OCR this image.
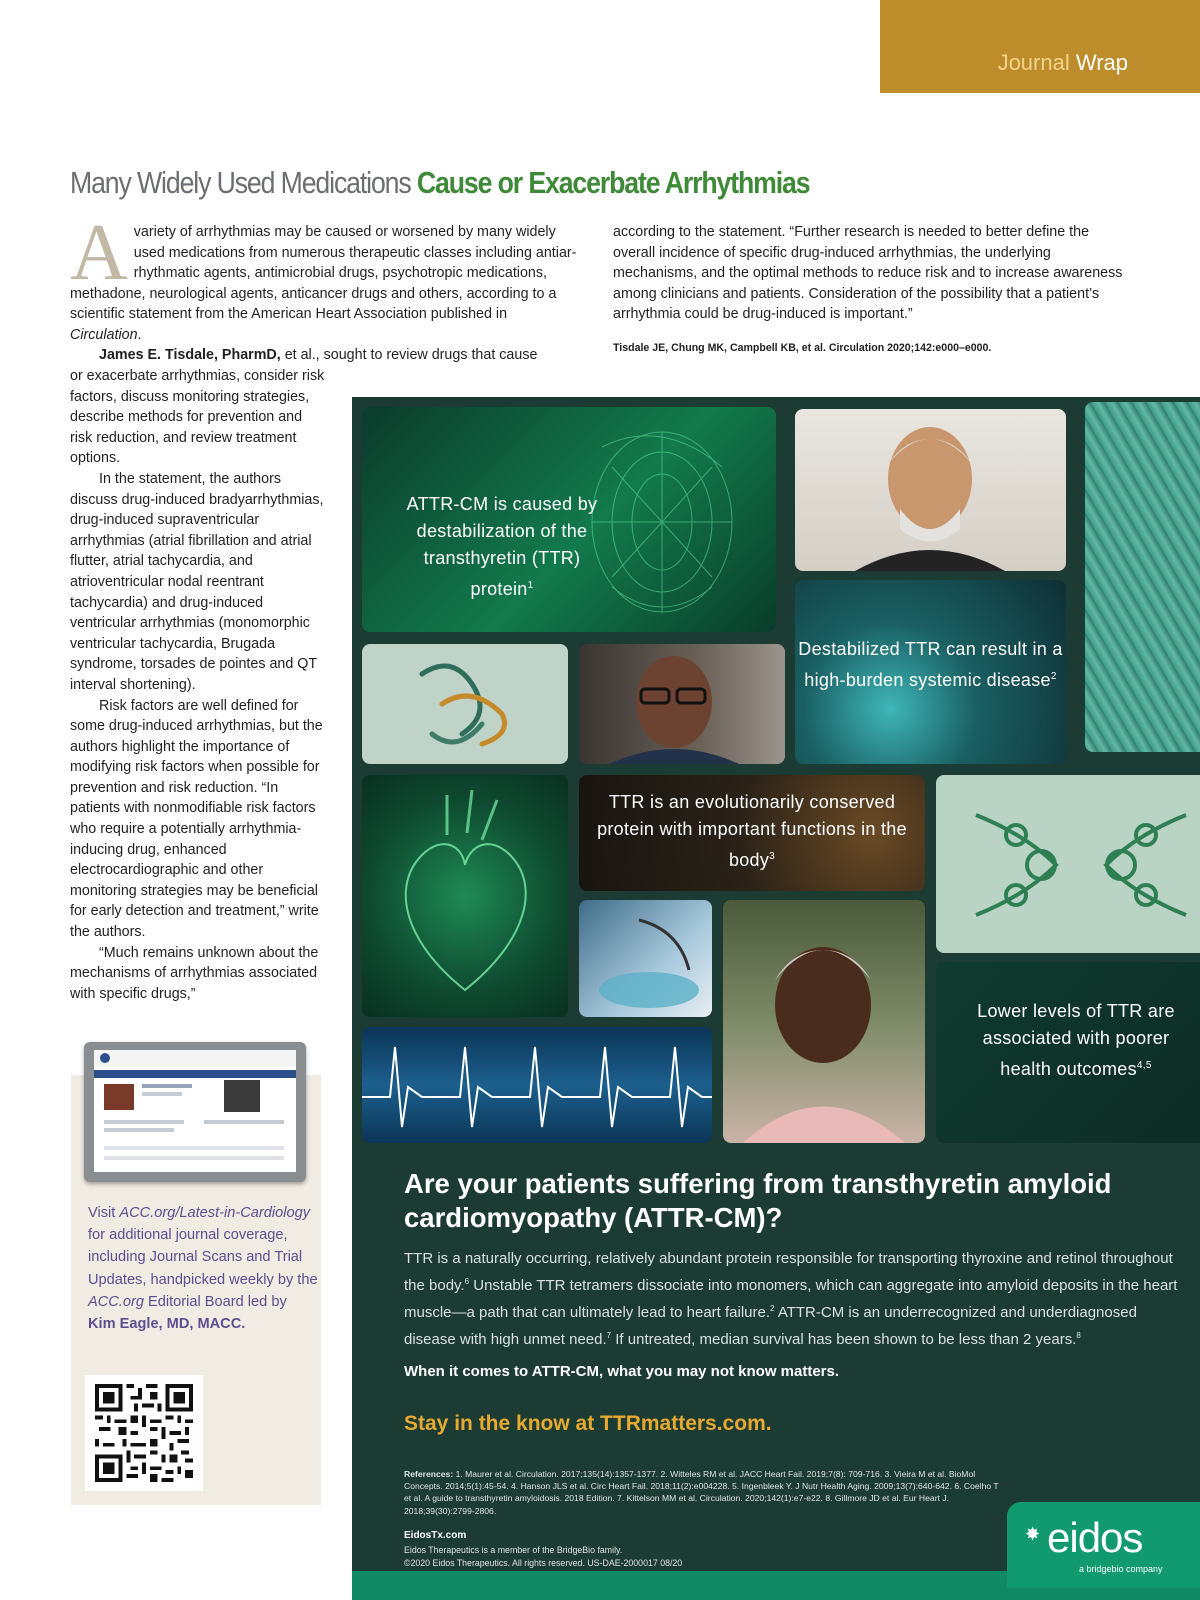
Journal Wrap
Many Widely Used Medications Cause or Exacerbate Arrhythmias
Avariety of arrhythmias may be caused or worsened by many widely used medications from numerous therapeutic classes including antiarrhythmatic agents, antimicrobial drugs, psychotropic medications, methadone, neurological agents, anticancer drugs and others, according to a scientific statement from the American Heart Association published in Circulation.
James E. Tisdale, PharmD, et al., sought to review drugs that cause

or exacerbate arrhythmias, consider risk factors, discuss monitoring strategies, describe methods for prevention and risk reduction, and review treatment options.

In the statement, the authors discuss drug-induced bradyarrhythmias, drug-induced supraventricular arrhythmias (atrial fibrillation and atrial flutter, atrial tachycardia, and atrioventricular nodal reentrant tachycardia) and drug-induced ventricular arrhythmias (monomorphic ventricular tachycardia, Brugada syndrome, torsades de pointes and QT interval shortening).

Risk factors are well defined for some drug-induced arrhythmias, but the authors highlight the importance of modifying risk factors when possible for prevention and risk reduction. “In patients with nonmodifiable risk factors who require a potentially arrhythmia-inducing drug, enhanced electrocardiographic and other monitoring strategies may be beneficial for early detection and treatment,” write the authors.

“Much remains unknown about the mechanisms of arrhythmias associated with specific drugs,”

according to the statement. “Further research is needed to better define the overall incidence of specific drug-induced arrhythmias, the underlying mechanisms, and the optimal methods to reduce risk and to increase awareness among clinicians and patients. Consideration of the possibility that a patient’s arrhythmia could be drug-induced is important.”
Tisdale JE, Chung MK, Campbell KB, et al. Circulation 2020;142:e000–e000.
Visit ACC.org/Latest-in-Cardiology for additional journal coverage, including Journal Scans and Trial Updates, handpicked weekly by the ACC.org Editorial Board led by Kim Eagle, MD, MACC.
ATTR-CM is caused by destabilization of the transthyretin (TTR) protein$^1$
Destabilized TTR can result in a high-burden systemic disease$^2$
TTR is an evolutionarily conserved protein with important functions in the body$^3$
Lower levels of TTR are associated with poorer health outcomes$^{4,5}$
Are your patients suffering from transthyretin amyloid cardiomyopathy (ATTR-CM)?
TTR is a naturally occurring, relatively abundant protein responsible for transporting thyroxine and retinol throughout the body.$^6$ Unstable TTR tetramers dissociate into monomers, which can aggregate into amyloid deposits in the heart muscle—a path that can ultimately lead to heart failure.$^2$ ATTR-CM is an underrecognized and underdiagnosed disease with high unmet need.$^7$ If untreated, median survival has been shown to be less than 2 years.$^8$
When it comes to ATTR-CM, what you may not know matters.
Stay in the know at TTRmatters.com.
References: 1. Maurer et al. Circulation. 2017;135(14):1357-1377. 2. Witteles RM et al. JACC Heart Fail. 2019;7(8): 709-716. 3. Vieira M et al. BioMol Concepts. 2014;5(1):45-54. 4. Hanson JLS et al. Circ Heart Fail. 2018;11(2):e004228. 5. Ingenbleek Y. J Nutr Health Aging. 2009;13(7):640-642. 6. Coelho T et al. A guide to transthyretin amyloidosis. 2018 Edition. 7. Kittelson MM et al. Circulation. 2020;142(1):e7-e22. 8. Gillmore JD et al. Eur Heart J. 2018;39(30):2799-2806.
EidosTx.com
Eidos Therapeutics is a member of the BridgeBio family.
©2020 Eidos Therapeutics. All rights reserved. US-DAE-2000017 08/20
✸ eidos
a bridgebio company
